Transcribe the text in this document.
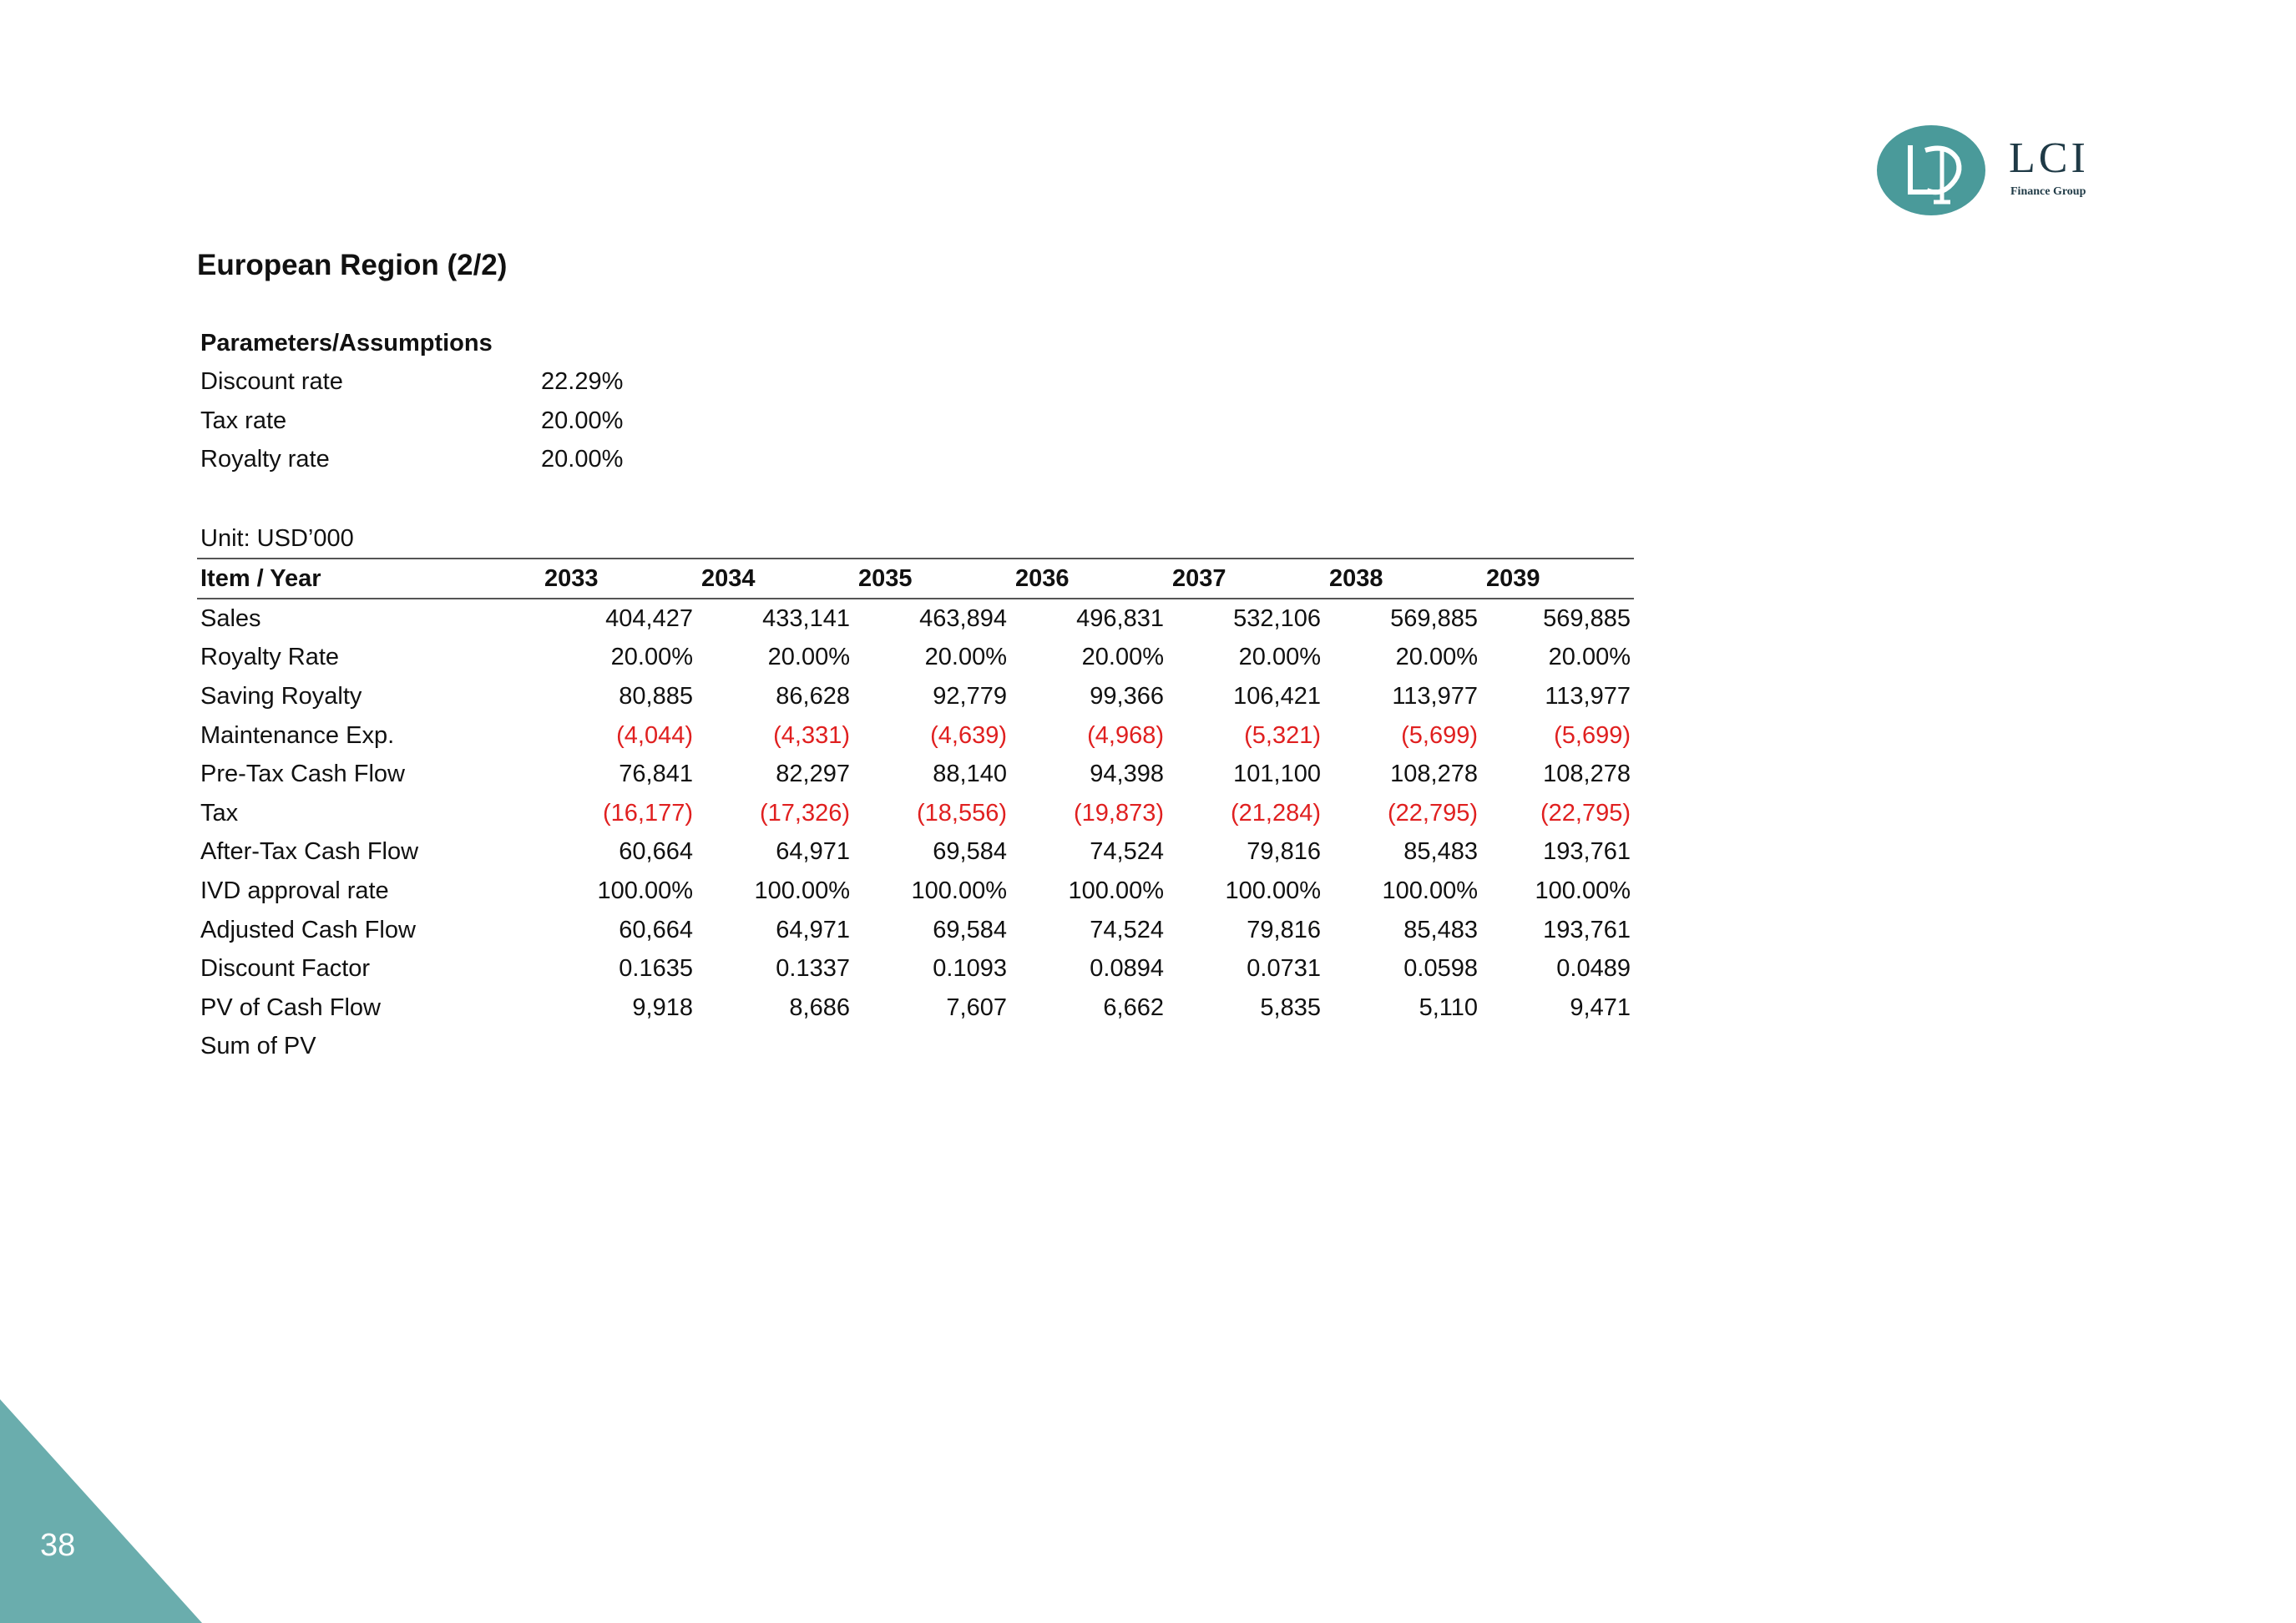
LCI
Finance Group
European Region (2/2)
Parameters/Assumptions
Discount rate	22.29%
Tax rate	20.00%
Royalty rate	20.00%
Unit: USD’000
Item / Year	2033	2034	2035	2036	2037	2038	2039
Sales	404,427	433,141	463,894	496,831	532,106	569,885	569,885
Royalty Rate	20.00%	20.00%	20.00%	20.00%	20.00%	20.00%	20.00%
Saving Royalty	80,885	86,628	92,779	99,366	106,421	113,977	113,977
Maintenance Exp.	(4,044)	(4,331)	(4,639)	(4,968)	(5,321)	(5,699)	(5,699)
Pre-Tax Cash Flow	76,841	82,297	88,140	94,398	101,100	108,278	108,278
Tax	(16,177)	(17,326)	(18,556)	(19,873)	(21,284)	(22,795)	(22,795)
After-Tax Cash Flow	60,664	64,971	69,584	74,524	79,816	85,483	193,761
IVD approval rate	100.00%	100.00%	100.00%	100.00%	100.00%	100.00%	100.00%
Adjusted Cash Flow	60,664	64,971	69,584	74,524	79,816	85,483	193,761
Discount Factor	0.1635	0.1337	0.1093	0.0894	0.0731	0.0598	0.0489
PV of Cash Flow	9,918	8,686	7,607	6,662	5,835	5,110	9,471
Sum of PV							
38
